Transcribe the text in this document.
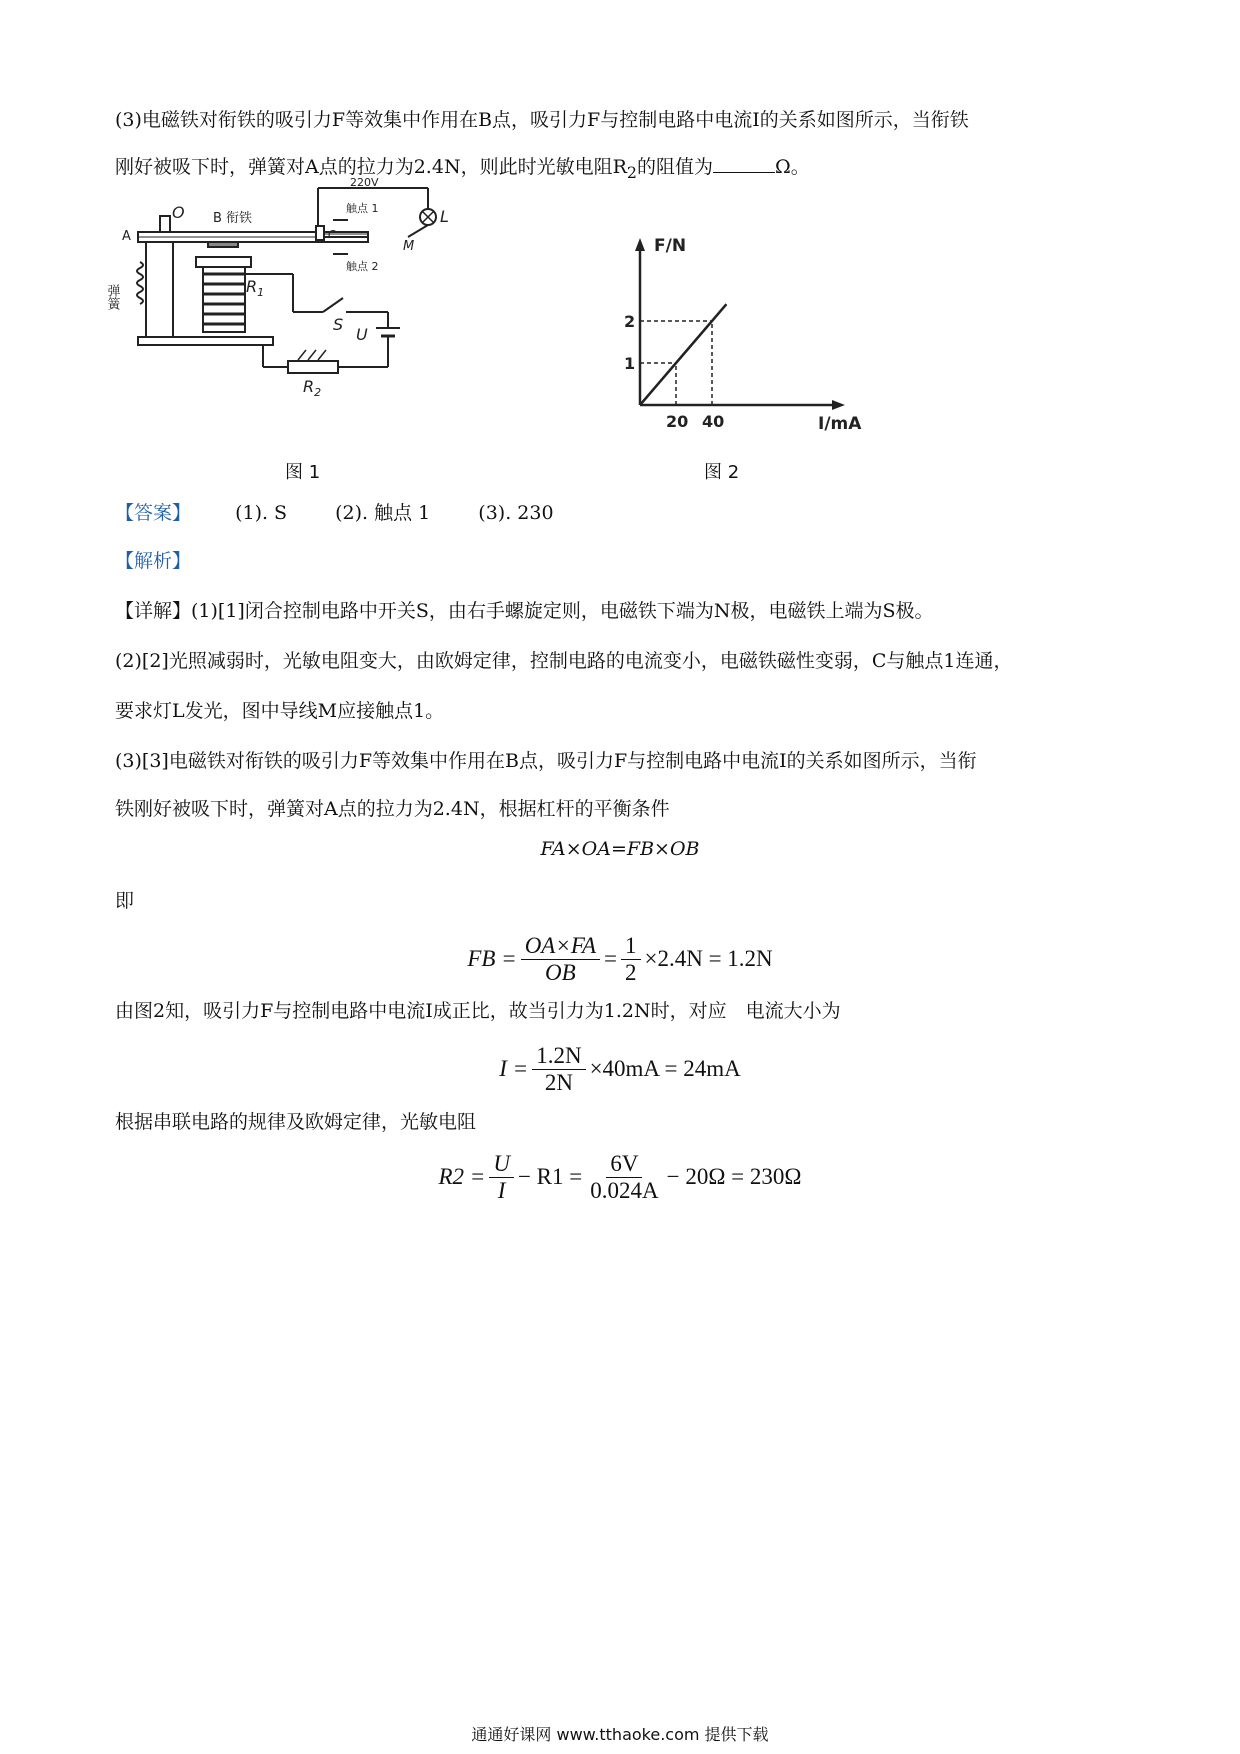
(3)电磁铁对衔铁的吸引力F等效集中作用在B点，吸引力F与控制电路中电流I的关系如图所示，当衔铁

刚好被吸下时，弹簧对A点的拉力为2.4N，则此时光敏电阻$R_2$的阻值为	Ω。

A
O B 衔铁
220V
触点 1
C
L
M
触点 2
弹簧	$R_1$
S
U
$R_2$
F/N
I/mA
20
1
40
2
图 1	图 2
【答案】 (1). S	(2). 触点 1	(3). 230
【解析】

【详解】(1)[1]闭合控制电路中开关S，由右手螺旋定则，电磁铁下端为N极，电磁铁上端为S极。

(2)[2]光照减弱时，光敏电阻变大，由欧姆定律，控制电路的电流变小，电磁铁磁性变弱，C与触点1连通，

要求灯L发光，图中导线M应接触点1。

(3)[3]电磁铁对衔铁的吸引力F等效集中作用在B点，吸引力F与控制电路中电流I的关系如图所示，当衔

铁刚好被吸下时，弹簧对A点的拉力为2.4N，根据杠杆的平衡条件

FA×OA=FB×OB
即
FB = $\frac{OA\times FA}{OB} = \frac{1}{2} \times 2.4N = 1.2N$

由图2知，吸引力F与控制电路中电流I成正比，故当引力为1.2N时，对应　电流大小为

$I = \frac{1.2N}{2N} \times 40mA = 24mA$

根据串联电路的规律及欧姆定律，光敏电阻

$R2 = \frac{U}{I} - R1 = \frac{6V}{0.024A} - 20\Omega = 230\Omega$
通通好课网 www.tthaoke.com 提供下载
